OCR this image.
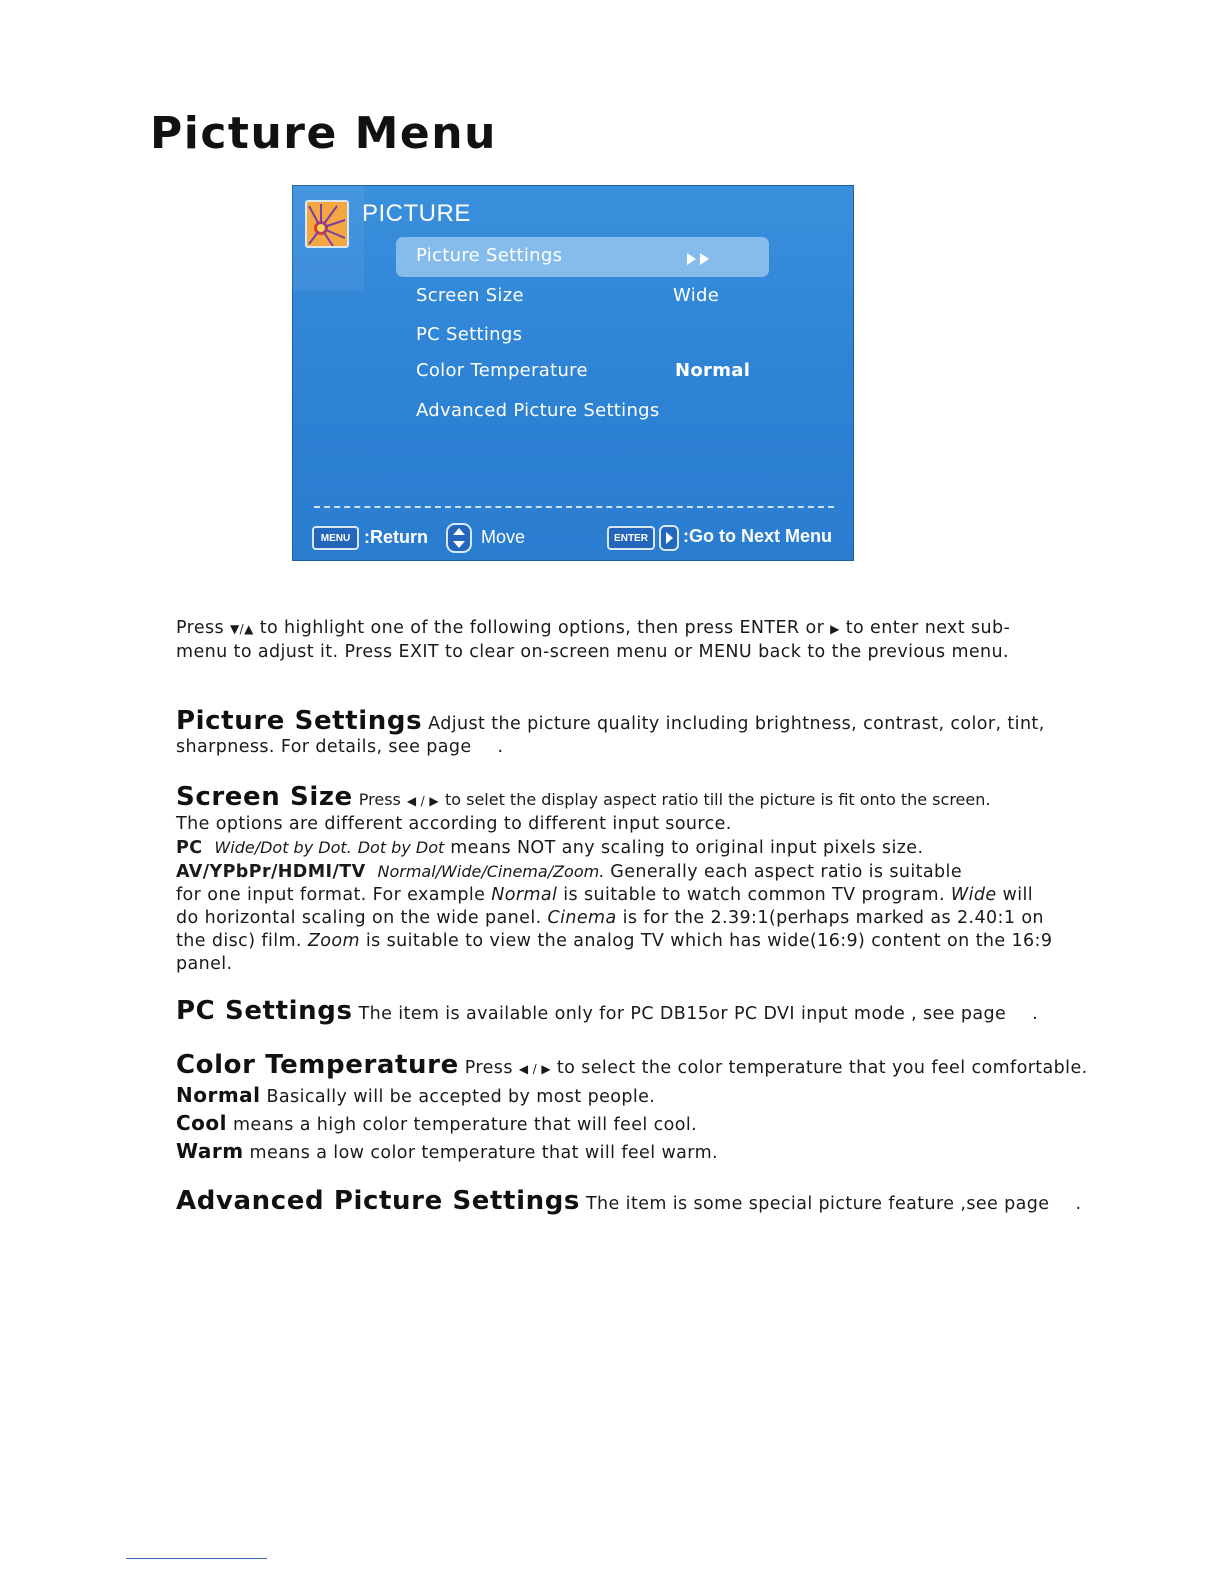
Picture Menu
PICTURE
Picture Settings
Screen Size	Wide
PC Settings
Color Temperature	Normal
Advanced Picture Settings
MENU :Return	Move	ENTER	:Go to Next Menu
Press ▼/▲ to highlight one of the following options, then press ENTER or ▶ to enter next sub-
menu to adjust it. Press EXIT to clear on-screen menu or MENU back to the previous menu.
Picture Settings Adjust the picture quality including brightness, contrast, color, tint,
sharpness. For details, see page .
Screen Size Press ◀ / ▶ to selet the display aspect ratio till the picture is fit onto the screen.
The options are different according to different input source.
PC Wide/Dot by Dot. Dot by Dot means NOT any scaling to original input pixels size.
AV/YPbPr/HDMI/TV Normal/Wide/Cinema/Zoom. Generally each aspect ratio is suitable
for one input format. For example Normal is suitable to watch common TV program. Wide will
do horizontal scaling on the wide panel. Cinema is for the 2.39:1(perhaps marked as 2.40:1 on
the disc) film. Zoom is suitable to view the analog TV which has wide(16:9) content on the 16:9
panel.
PC Settings The item is available only for PC DB15or PC DVI input mode , see page .
Color Temperature Press ◀ / ▶ to select the color temperature that you feel comfortable.
Normal Basically will be accepted by most people.
Cool means a high color temperature that will feel cool.
Warm means a low color temperature that will feel warm.
Advanced Picture Settings The item is some special picture feature ,see page .
